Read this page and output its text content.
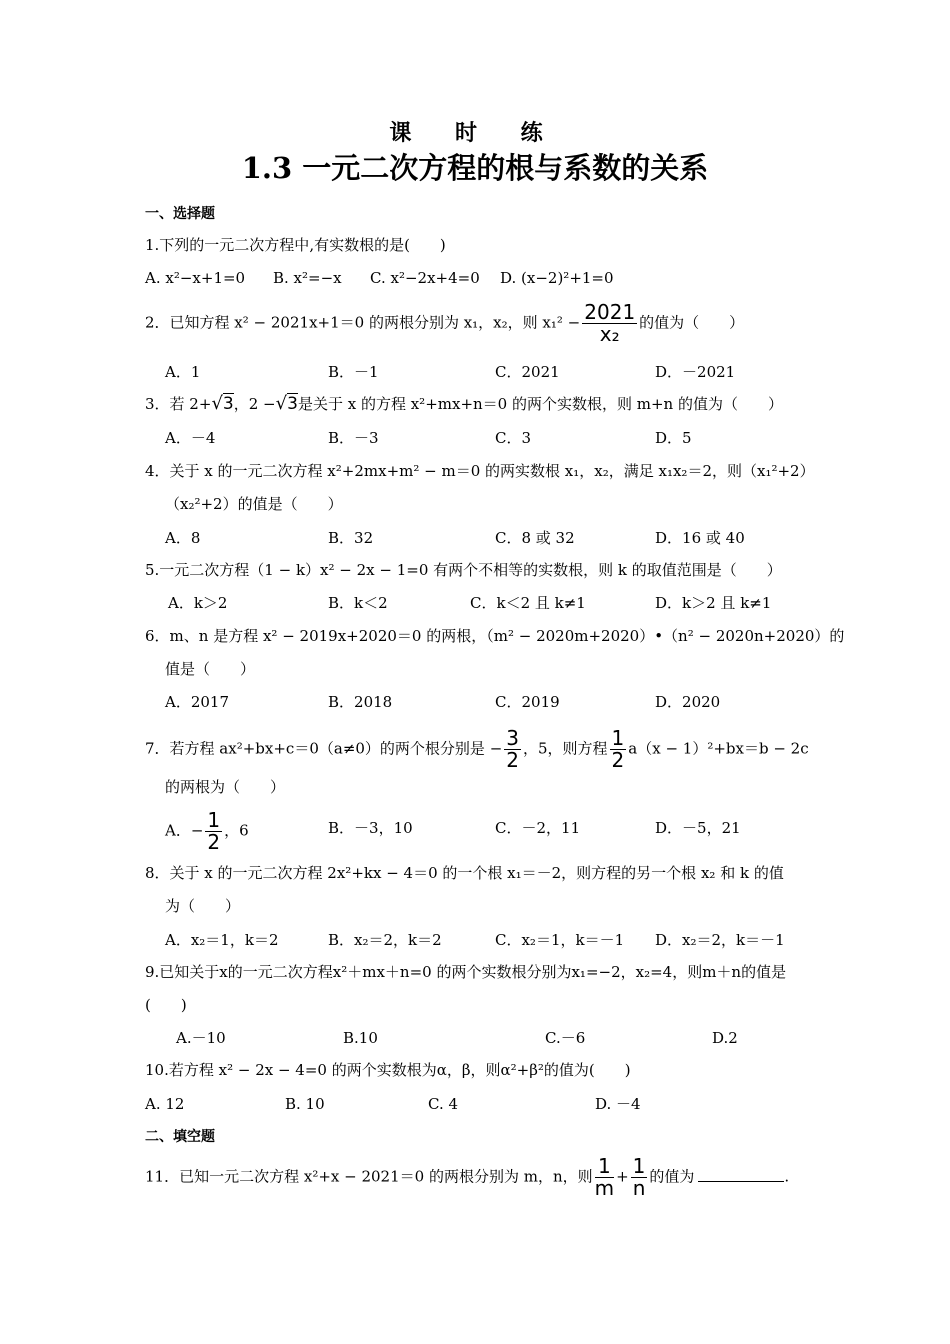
课 时 练
1.3 一元二次方程的根与系数的关系
一、选择题
1.下列的一元二次方程中,有实数根的是(　　)
A. x²−x+1=0 B. x²=−x C. x²−2x+4=0 D. (x−2)²+1=0
2．已知方程 x² − 2021x+1＝0 的两根分别为 x₁，x₂，则 $x_1^2 - \frac{2021}{\text{x₂}}$ 的值为（　　）
A．1	B．－1	C．2021	D．－2021
3．若 2+√3，2 −√3是关于 x 的方程 x²+mx+n＝0 的两个实数根，则 m+n 的值为（　　）
A．－4	B．－3	C．3	D．5
4．关于 x 的一元二次方程 x²+2mx+m² − m＝0 的两实数根 x₁，x₂，满足 x₁x₂＝2，则（x₁²+2）
（x₂²+2）的值是（　　）
A．8	B．32	C．8 或 32	D．16 或 40
5.一元二次方程（1 − k）x² − 2x − 1=0 有两个不相等的实数根，则 k 的取值范围是（　　）
A．k＞2	B．k＜2	C．k＜2 且 k≠1	D．k＞2 且 k≠1
6．m、n 是方程 x² − 2019x+2020＝0 的两根，（m² − 2020m+2020）•（n² − 2020n+2020）的
值是（　　）
A．2017	B．2018	C．2019	D．2020
7．若方程 ax²+bx+c＝0（a≠0）的两个根分别是 − $\frac{3}{2}$ ，5，则方程 $\frac{1}{2} a(x - 1)^2+bx=b - 2c$
的两根为（　　）
A．− $\frac{1}{2}$ ，6	B．－3，10	C．－2，11	D．－5，21
8．关于 x 的一元二次方程 2x²+kx − 4＝0 的一个根 x₁＝－2，则方程的另一个根 x₂ 和 k 的值
为（　　）
A．x₂＝1，k＝2	B．x₂＝2，k＝2	C．x₂＝1，k＝－1 D．x₂＝2，k＝－1
9.已知关于x的一元二次方程x²＋mx＋n=0 的两个实数根分别为x₁=−2，x₂=4，则m＋n的值是
(　　)
A.－10	B.10	C.－6	D.2
10.若方程 x² − 2x − 4=0 的两个实数根为α，β，则α²+β²的值为(　　)
A. 12	B. 10	C. 4	D. －4
二、填空题
11．已知一元二次方程 x²+x − 2021＝0 的两根分别为 m，n，则 $\frac{1}{m} + \frac{1}{n}$ 的值为	.
